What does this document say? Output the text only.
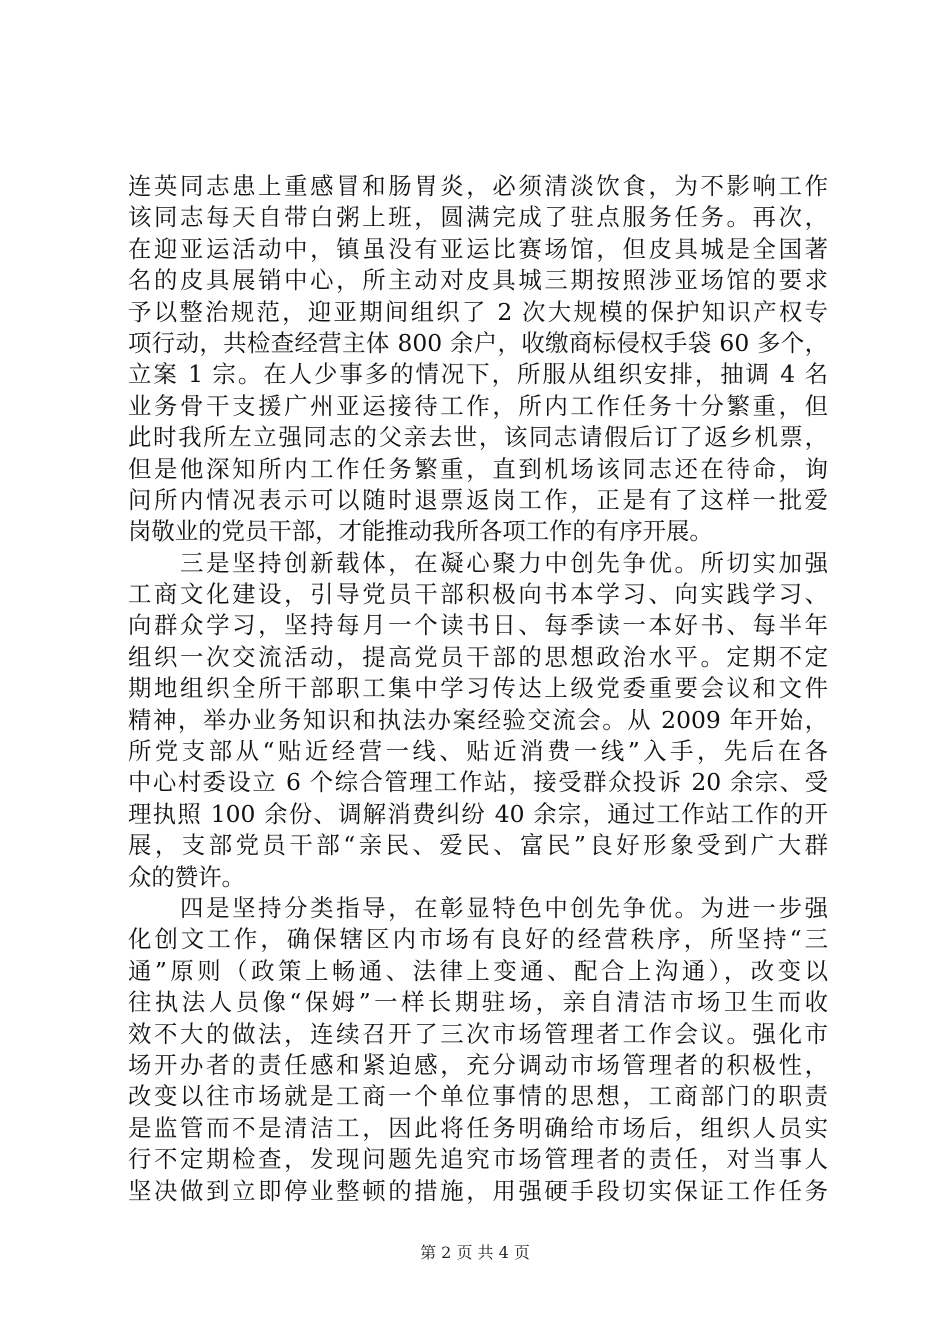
连英同志患上重感冒和肠胃炎，必须清淡饮食，为不影响工作
该同志每天自带白粥上班，圆满完成了驻点服务任务。再次，
在迎亚运活动中，镇虽没有亚运比赛场馆，但皮具城是全国著
名的皮具展销中心，所主动对皮具城三期按照涉亚场馆的要求
予以整治规范，迎亚期间组织了 2 次大规模的保护知识产权专
项行动，共检查经营主体 800 余户，收缴商标侵权手袋 60 多个，
立案 1 宗。在人少事多的情况下，所服从组织安排，抽调 4 名
业务骨干支援广州亚运接待工作，所内工作任务十分繁重，但
此时我所左立强同志的父亲去世，该同志请假后订了返乡机票，
但是他深知所内工作任务繁重，直到机场该同志还在待命，询
问所内情况表示可以随时退票返岗工作，正是有了这样一批爱
岗敬业的党员干部，才能推动我所各项工作的有序开展。
　　三是坚持创新载体，在凝心聚力中创先争优。所切实加强
工商文化建设，引导党员干部积极向书本学习、向实践学习、
向群众学习，坚持每月一个读书日、每季读一本好书、每半年
组织一次交流活动，提高党员干部的思想政治水平。定期不定
期地组织全所干部职工集中学习传达上级党委重要会议和文件
精神，举办业务知识和执法办案经验交流会。从 2009 年开始，
所党支部从“贴近经营一线、贴近消费一线”入手，先后在各
中心村委设立 6 个综合管理工作站，接受群众投诉 20 余宗、受
理执照 100 余份、调解消费纠纷 40 余宗，通过工作站工作的开
展，支部党员干部“亲民、爱民、富民”良好形象受到广大群
众的赞许。
　　四是坚持分类指导，在彰显特色中创先争优。为进一步强
化创文工作，确保辖区内市场有良好的经营秩序，所坚持“三
通”原则（政策上畅通、法律上变通、配合上沟通），改变以
往执法人员像“保姆”一样长期驻场，亲自清洁市场卫生而收
效不大的做法，连续召开了三次市场管理者工作会议。强化市
场开办者的责任感和紧迫感，充分调动市场管理者的积极性，
改变以往市场就是工商一个单位事情的思想，工商部门的职责
是监管而不是清洁工，因此将任务明确给市场后，组织人员实
行不定期检查，发现问题先追究市场管理者的责任，对当事人
坚决做到立即停业整顿的措施，用强硬手段切实保证工作任务
第 2 页 共 4 页
